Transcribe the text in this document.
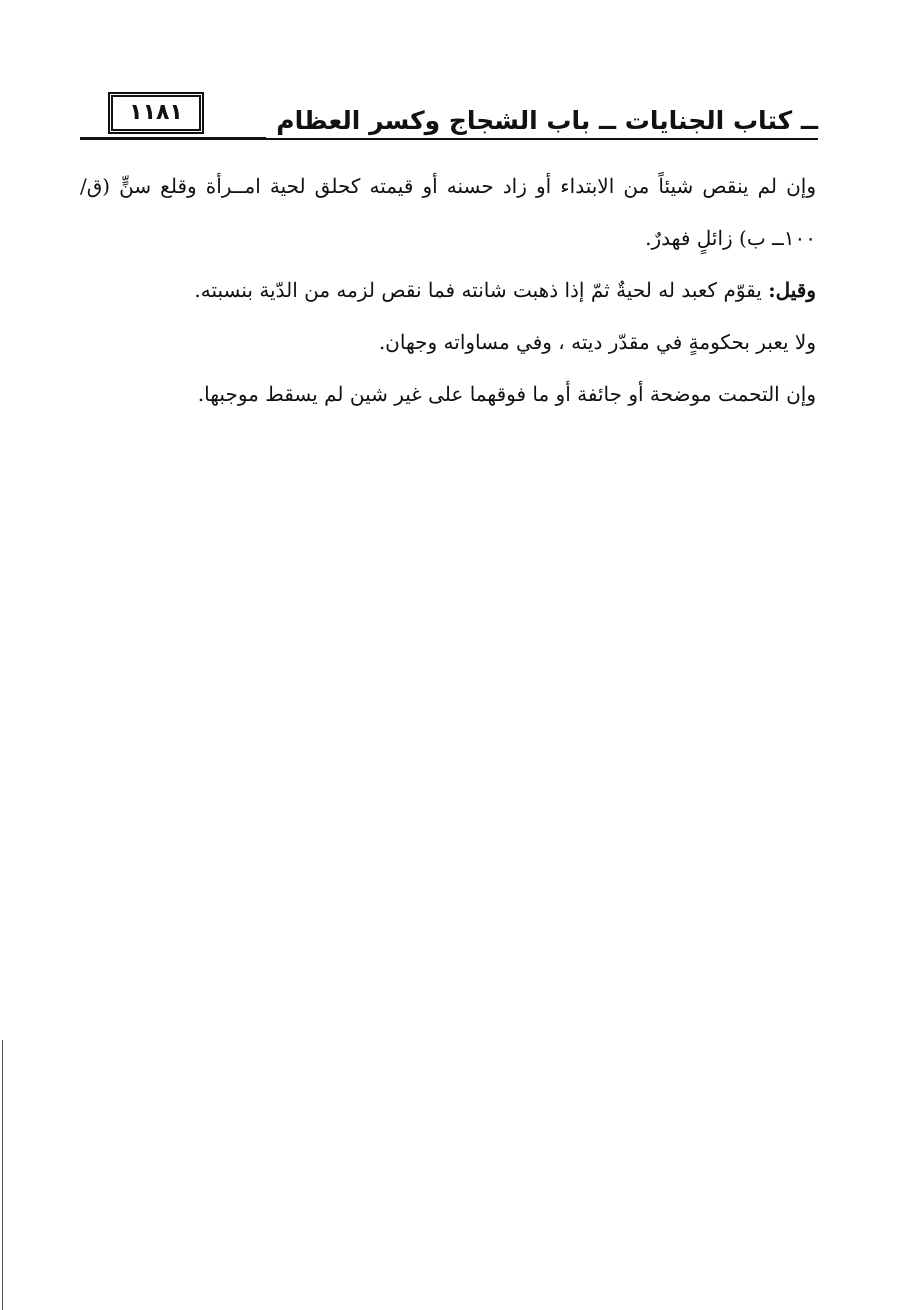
ــ كتاب الجنايات ــ باب الشجاج وكسر العظام
١١٨١

وإن لم ينقص شيئاً من الابتداء أو زاد حسنه أو قيمته كحلق لحية امــرأة وقلع سنٍّ (ق/١٠٠ــ ب) زائلٍ فهدرٌ.

وقيل: يقوّم كعبد له لحيةٌ ثمّ إذا ذهبت شانته فما نقص لزمه من الدّية بنسبته.

ولا يعبر بحكومةٍ في مقدّر ديته ، وفي مساواته وجهان.

وإن التحمت موضحة أو جائفة أو ما فوقهما على غير شين لم يسقط موجبها.
